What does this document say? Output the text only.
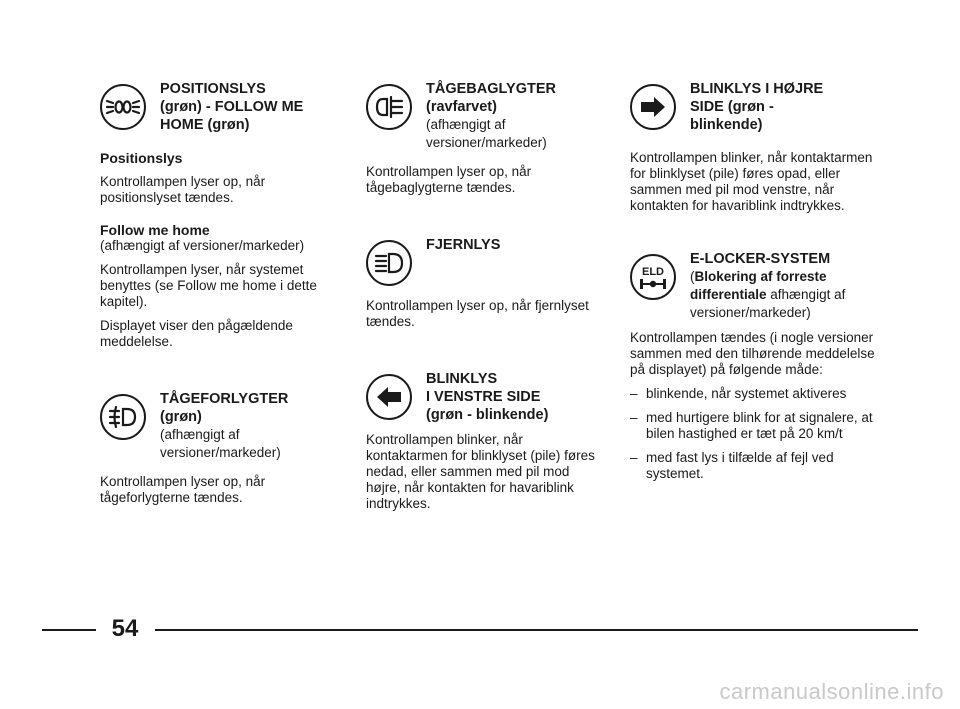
POSITIONSLYS
(grøn) - FOLLOW ME
HOME (grøn)

Positionslys

Kontrollampen lyser op, når positionslyset tændes.

Follow me home

(afhængigt af versioner/markeder)

Kontrollampen lyser, når systemet benyttes (se Follow me home i dette kapitel).

Displayet viser den pågældende meddelelse.

TÅGEFORLYGTER
(grøn)
(afhængigt af
versioner/markeder)

Kontrollampen lyser op, når tågeforlygterne tændes.

TÅGEBAGLYGTER
(ravfarvet)
(afhængigt af
versioner/markeder)

Kontrollampen lyser op, når tågebaglygterne tændes.

FJERNLYS

Kontrollampen lyser op, når fjernlyset tændes.

BLINKLYS
I VENSTRE SIDE
(grøn - blinkende)

Kontrollampen blinker, når kontaktarmen for blinklyset (pile) føres nedad, eller sammen med pil mod højre, når kontakten for havariblink indtrykkes.

BLINKLYS I HØJRE
SIDE (grøn -
blinkende)

Kontrollampen blinker, når kontaktarmen for blinklyset (pile) føres opad, eller sammen med pil mod venstre, når kontakten for havariblink indtrykkes.

ELD
E-LOCKER-SYSTEM
(Blokering af forreste
differentiale afhængigt af
versioner/markeder)

Kontrollampen tændes (i nogle versioner sammen med den tilhørende meddelelse på displayet) på følgende måde:

– blinkende, når systemet aktiveres
– med hurtigere blink for at signalere, at bilen hastighed er tæt på 20 km/t
– med fast lys i tilfælde af fejl ved systemet.
54
carmanualsonline.info
